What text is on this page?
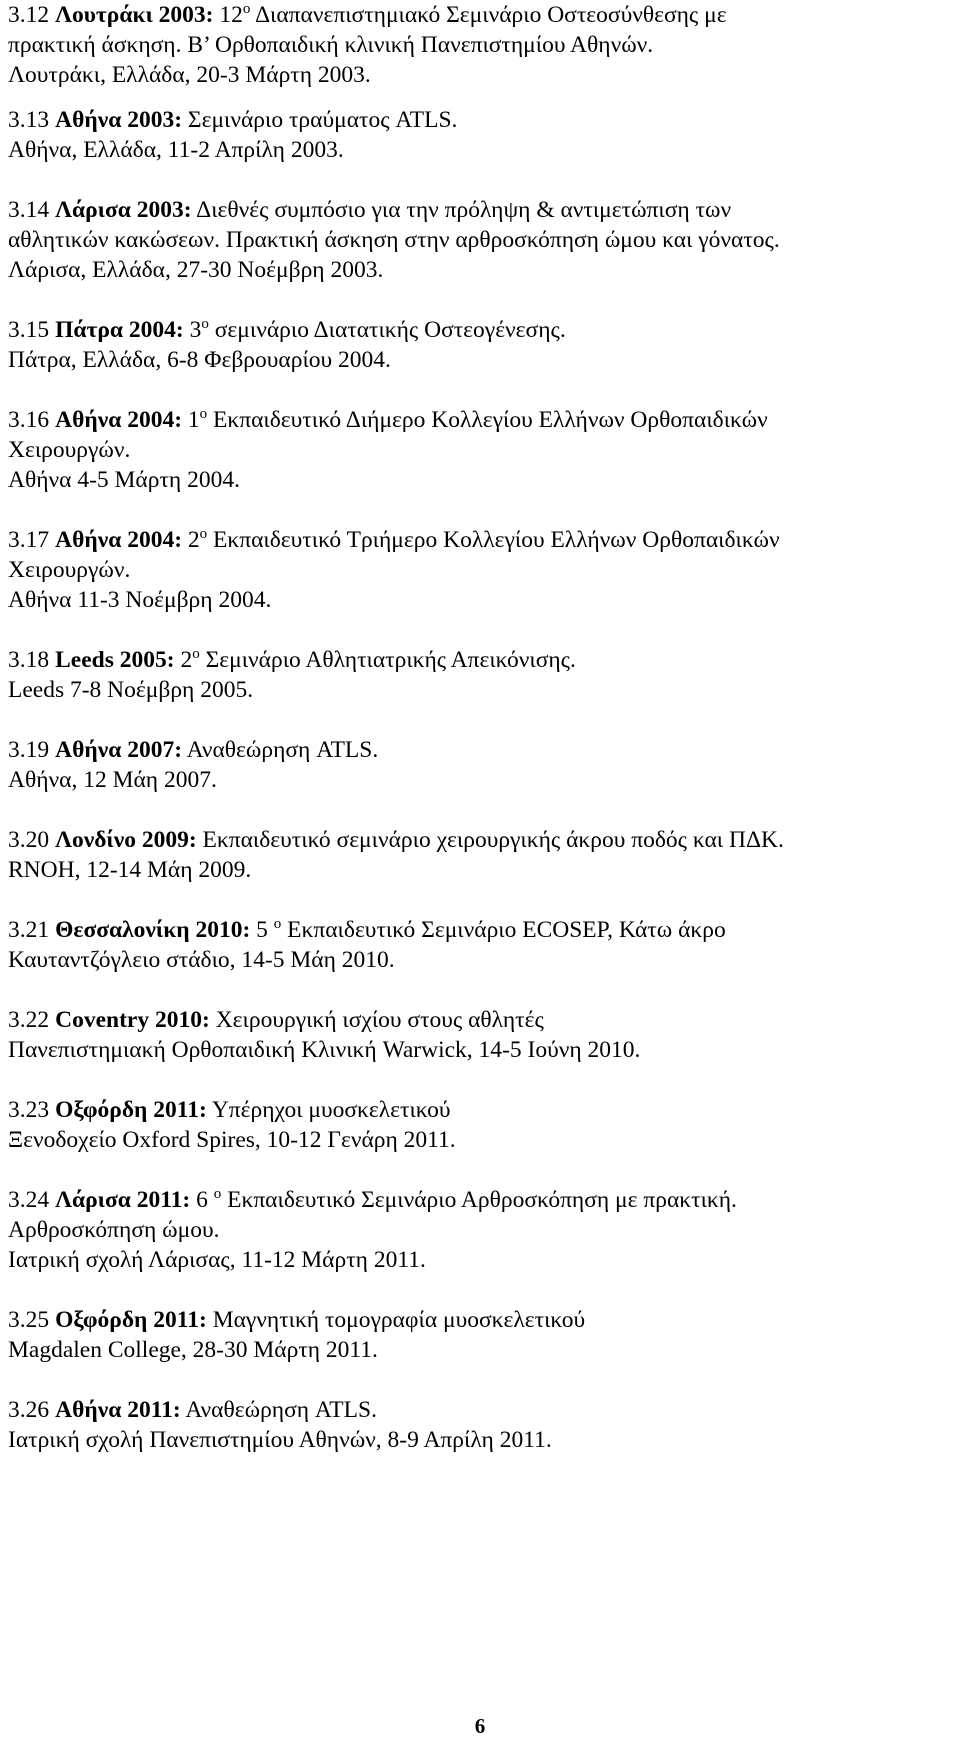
3.12 Λουτράκι 2003: $12^o$ Διαπανεπιστημιακό Σεμινάριο Οστεοσύνθεσης με
πρακτική άσκηση. Β’ Ορθοπαιδική κλινική Πανεπιστημίου Αθηνών.
Λουτράκι, Ελλάδα, 20-3 Μάρτη 2003.
3.13 Αθήνα 2003: Σεμινάριο τραύματος ATLS.
Αθήνα, Ελλάδα, 11-2 Απρίλη 2003.
3.14 Λάρισα 2003: Διεθνές συμπόσιο για την πρόληψη & αντιμετώπιση των
αθλητικών κακώσεων. Πρακτική άσκηση στην αρθροσκόπηση ώμου και γόνατος.
Λάρισα, Ελλάδα, 27-30 Νοέμβρη 2003.
3.15 Πάτρα 2004: $3^o$ σεμινάριο Διατατικής Οστεογένεσης.
Πάτρα, Ελλάδα, 6-8 Φεβρουαρίου 2004.
3.16 Αθήνα 2004: $1^o$ Εκπαιδευτικό Διήμερο Κολλεγίου Ελλήνων Ορθοπαιδικών
Χειρουργών.
Αθήνα 4-5 Μάρτη 2004.
3.17 Αθήνα 2004: $2^o$ Εκπαιδευτικό Τριήμερο Κολλεγίου Ελλήνων Ορθοπαιδικών
Χειρουργών.
Αθήνα 11-3 Νοέμβρη 2004.
3.18 Leeds 2005: $2^o$ Σεμινάριο Αθλητιατρικής Απεικόνισης.
Leeds 7-8 Νοέμβρη 2005.
3.19 Αθήνα 2007: Αναθεώρηση ATLS.
Αθήνα, 12 Μάη 2007.
3.20 Λονδίνο 2009: Εκπαιδευτικό σεμινάριο χειρουργικής άκρου ποδός και ΠΔΚ.
RNOH, 12-14 Μάη 2009.
3.21 Θεσσαλονίκη 2010: 5 $^o$ Εκπαιδευτικό Σεμινάριο ECOSEP, Κάτω άκρο
Καυταντζόγλειο στάδιο, 14-5 Μάη 2010.
3.22 Coventry 2010: Χειρουργική ισχίου στους αθλητές
Πανεπιστημιακή Ορθοπαιδική Κλινική Warwick, 14-5 Ιούνη 2010.
3.23 Οξφόρδη 2011: Υπέρηχοι μυοσκελετικού
Ξενοδοχείο Oxford Spires, 10-12 Γενάρη 2011.
3.24 Λάρισα 2011: 6 $^o$ Εκπαιδευτικό Σεμινάριο Αρθροσκόπηση με πρακτική.
Αρθροσκόπηση ώμου.
Ιατρική σχολή Λάρισας, 11-12 Μάρτη 2011.
3.25 Οξφόρδη 2011: Μαγνητική τομογραφία μυοσκελετικού
Magdalen College, 28-30 Μάρτη 2011.
3.26 Αθήνα 2011: Αναθεώρηση ATLS.
Ιατρική σχολή Πανεπιστημίου Αθηνών, 8-9 Απρίλη 2011.
6
